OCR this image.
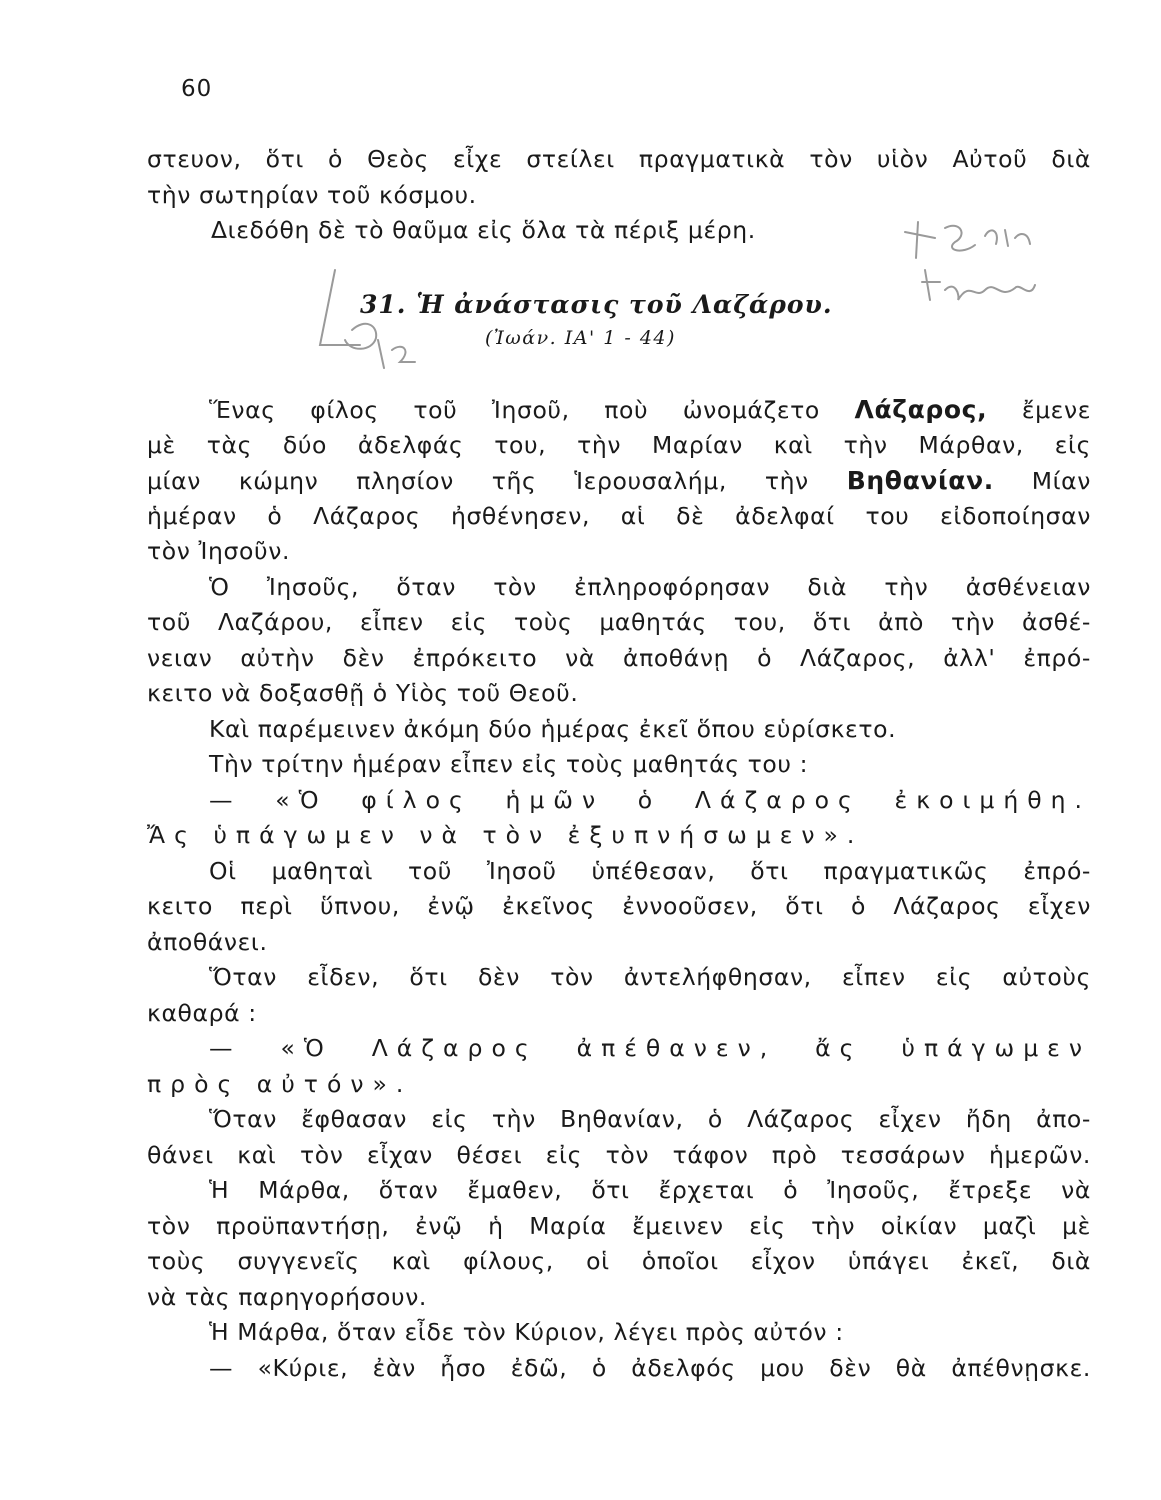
60
στευον, ὅτι ὁ Θεὸς εἶχε στείλει πραγματικὰ τὸν υἱὸν Αὐτοῦ διὰ
τὴν σωτηρίαν τοῦ κόσμου.
Διεδόθη δὲ τὸ θαῦμα εἰς ὅλα τὰ πέριξ μέρη.
31. Ἡ ἀνάστασις τοῦ Λαζάρου.
(Ἰωάν. ΙΑ' 1 - 44)
Ἕνας φίλος τοῦ Ἰησοῦ, ποὺ ὠνομάζετο Λάζαρος, ἔμενε
μὲ τὰς δύο ἀδελφάς του, τὴν Μαρίαν καὶ τὴν Μάρθαν, εἰς
μίαν κώμην πλησίον τῆς Ἱερουσαλήμ, τὴν Βηθανίαν. Μίαν
ἡμέραν ὁ Λάζαρος ἠσθένησεν, αἱ δὲ ἀδελφαί του εἰδοποίησαν
τὸν Ἰησοῦν.
Ὁ Ἰησοῦς, ὅταν τὸν ἐπληροφόρησαν διὰ τὴν ἀσθένειαν
τοῦ Λαζάρου, εἶπεν εἰς τοὺς μαθητάς του, ὅτι ἀπὸ τὴν ἀσθέ-
νειαν αὐτὴν δὲν ἐπρόκειτο νὰ ἀποθάνῃ ὁ Λάζαρος, ἀλλ' ἐπρό-
κειτο νὰ δοξασθῇ ὁ Υἱὸς τοῦ Θεοῦ.
Καὶ παρέμεινεν ἀκόμη δύο ἡμέρας ἐκεῖ ὅπου εὑρίσκετο.
Τὴν τρίτην ἡμέραν εἶπεν εἰς τοὺς μαθητάς του :
— «Ὁ φίλος ἡμῶν ὁ Λάζαρος ἐκοιμήθη.
Ἄς ὑπάγωμεν νὰ τὸν ἐξυπνήσωμεν».
Οἱ μαθηταὶ τοῦ Ἰησοῦ ὑπέθεσαν, ὅτι πραγματικῶς ἐπρό-
κειτο περὶ ὕπνου, ἐνῷ ἐκεῖνος ἐννοοῦσεν, ὅτι ὁ Λάζαρος εἶχεν
ἀποθάνει.
Ὅταν εἶδεν, ὅτι δὲν τὸν ἀντελήφθησαν, εἶπεν εἰς αὐτοὺς
καθαρά :
— «Ὁ Λάζαρος ἀπέθανεν, ἄς ὑπάγωμεν
πρὸς αὐτόν».
Ὅταν ἔφθασαν εἰς τὴν Βηθανίαν, ὁ Λάζαρος εἶχεν ἤδη ἀπο-
θάνει καὶ τὸν εἶχαν θέσει εἰς τὸν τάφον πρὸ τεσσάρων ἡμερῶν.
Ἡ Μάρθα, ὅταν ἔμαθεν, ὅτι ἔρχεται ὁ Ἰησοῦς, ἔτρεξε νὰ
τὸν προϋπαντήσῃ, ἐνῷ ἡ Μαρία ἔμεινεν εἰς τὴν οἰκίαν μαζὶ μὲ
τοὺς συγγενεῖς καὶ φίλους, οἱ ὁποῖοι εἶχον ὑπάγει ἐκεῖ, διὰ
νὰ τὰς παρηγορήσουν.
Ἡ Μάρθα, ὅταν εἶδε τὸν Κύριον, λέγει πρὸς αὐτόν :
— «Κύριε, ἐὰν ἦσο ἐδῶ, ὁ ἀδελφός μου δὲν θὰ ἀπέθνῃσκε.
